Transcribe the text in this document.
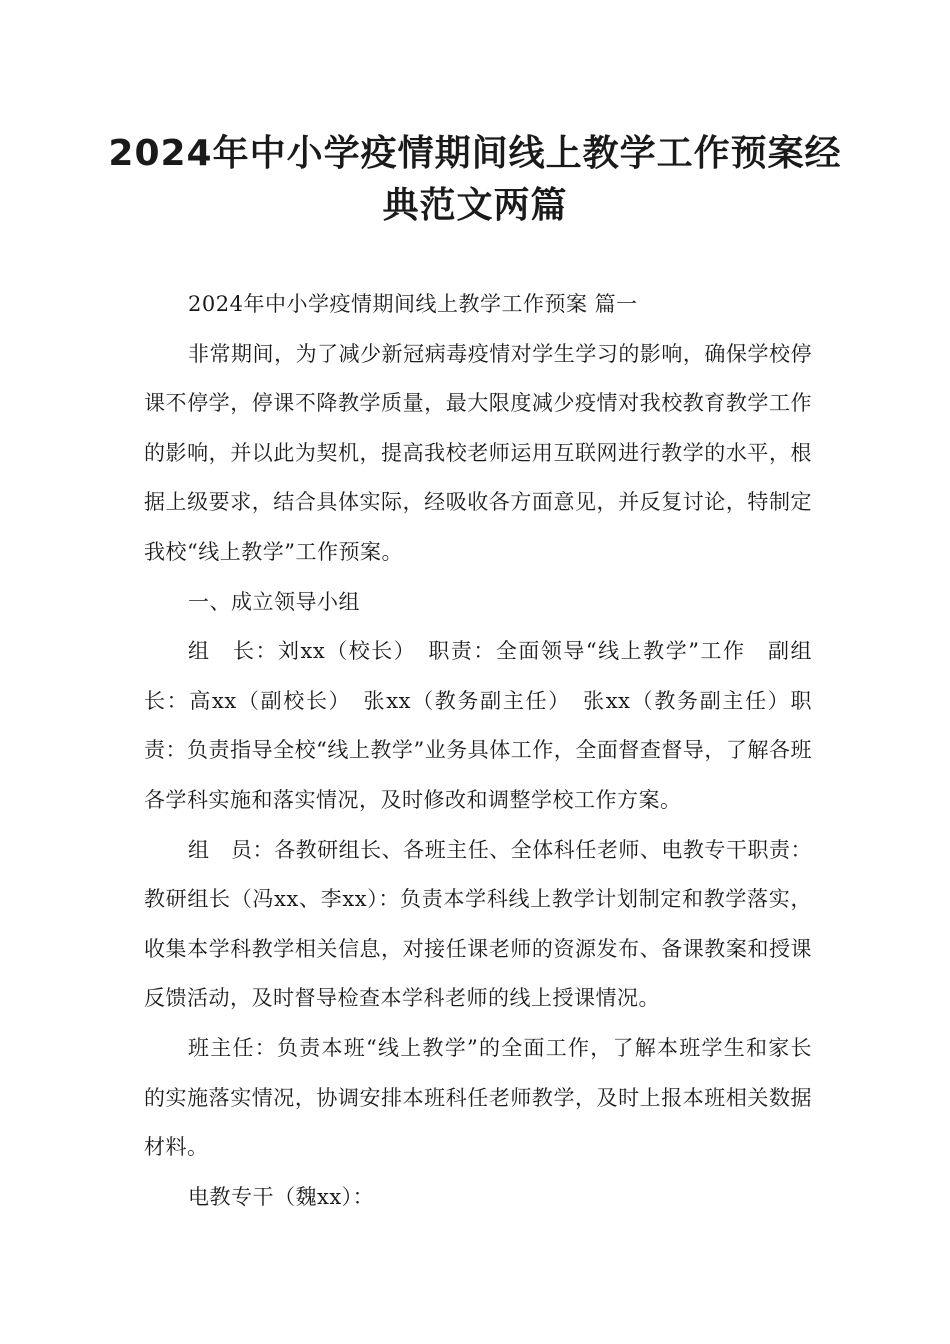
2024年中小学疫情期间线上教学工作预案经典范文两篇

2024年中小学疫情期间线上教学工作预案 篇一

非常期间，为了减少新冠病毒疫情对学生学习的影响，确保学校停课不停学，停课不降教学质量，最大限度减少疫情对我校教育教学工作的影响，并以此为契机，提高我校老师运用互联网进行教学的水平，根据上级要求，结合具体实际，经吸收各方面意见，并反复讨论，特制定我校“线上教学”工作预案。

一、成立领导小组

组　长：刘xx（校长）　职责：全面领导“线上教学”工作　副组长：高xx（副校长）　张xx（教务副主任）　张xx（教务副主任）职责：负责指导全校“线上教学”业务具体工作，全面督查督导，了解各班各学科实施和落实情况，及时修改和调整学校工作方案。

组　员：各教研组长、各班主任、全体科任老师、电教专干职责：教研组长（冯xx、李xx）：负责本学科线上教学计划制定和教学落实，收集本学科教学相关信息，对接任课老师的资源发布、备课教案和授课反馈活动，及时督导检查本学科老师的线上授课情况。

班主任：负责本班“线上教学”的全面工作，了解本班学生和家长的实施落实情况，协调安排本班科任老师教学，及时上报本班相关数据材料。

电教专干（魏xx）：
